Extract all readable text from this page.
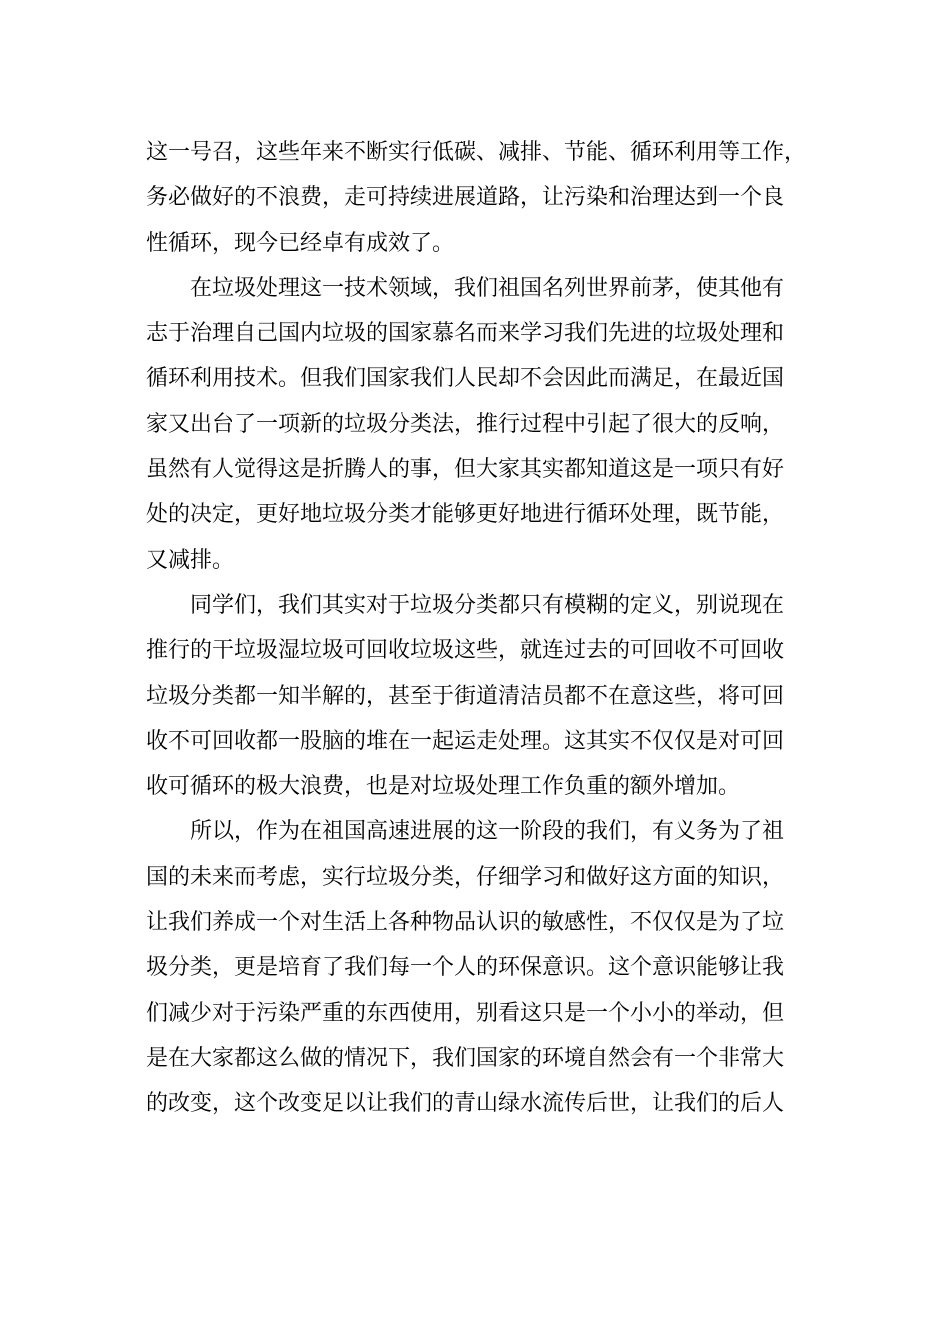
这一号召，这些年来不断实行低碳、减排、节能、循环利用等工作，
务必做好的不浪费，走可持续进展道路，让污染和治理达到一个良
性循环，现今已经卓有成效了。
在垃圾处理这一技术领域，我们祖国名列世界前茅，使其他有
志于治理自己国内垃圾的国家慕名而来学习我们先进的垃圾处理和
循环利用技术。但我们国家我们人民却不会因此而满足，在最近国
家又出台了一项新的垃圾分类法，推行过程中引起了很大的反响，
虽然有人觉得这是折腾人的事，但大家其实都知道这是一项只有好
处的决定，更好地垃圾分类才能够更好地进行循环处理，既节能，
又减排。
同学们，我们其实对于垃圾分类都只有模糊的定义，别说现在
推行的干垃圾湿垃圾可回收垃圾这些，就连过去的可回收不可回收
垃圾分类都一知半解的，甚至于街道清洁员都不在意这些，将可回
收不可回收都一股脑的堆在一起运走处理。这其实不仅仅是对可回
收可循环的极大浪费，也是对垃圾处理工作负重的额外增加。
所以，作为在祖国高速进展的这一阶段的我们，有义务为了祖
国的未来而考虑，实行垃圾分类，仔细学习和做好这方面的知识，
让我们养成一个对生活上各种物品认识的敏感性，不仅仅是为了垃
圾分类，更是培育了我们每一个人的环保意识。这个意识能够让我
们减少对于污染严重的东西使用，别看这只是一个小小的举动，但
是在大家都这么做的情况下，我们国家的环境自然会有一个非常大
的改变，这个改变足以让我们的青山绿水流传后世，让我们的后人
